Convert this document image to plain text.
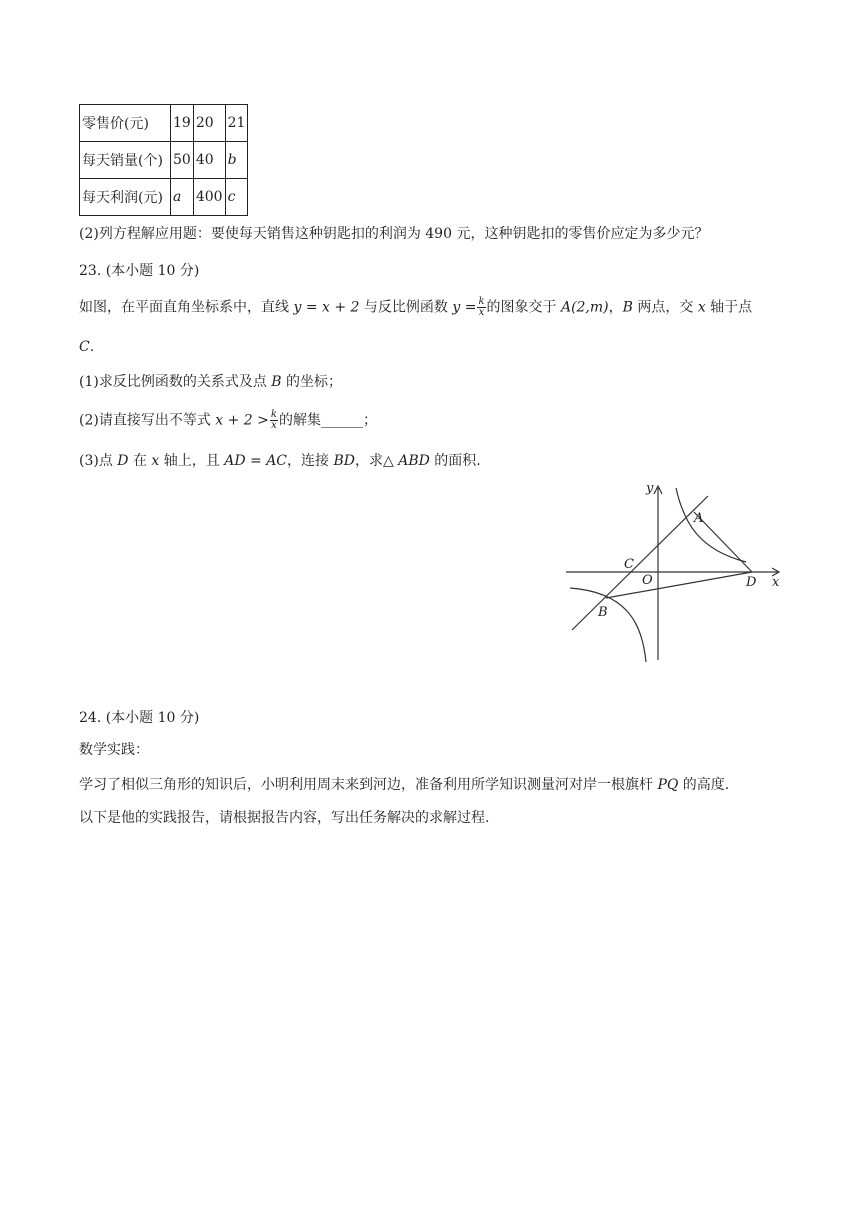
零售价(元)	19	20	21
每天销量(个)	50	40	b
每天利润(元)	a	400	c
(2)列方程解应用题：要使每天销售这种钥匙扣的利润为 490 元，这种钥匙扣的零售价应定为多少元？
23. (本小题 10 分)
如图，在平面直角坐标系中，直线 y = x + 2 与反比例函数 $y = \frac{k}{x}$ 的图象交于 A(2,m)，B 两点，交 x 轴于点
C.
(1)求反比例函数的关系式及点 B 的坐标；
(2)请直接写出不等式 $x + 2 > \frac{k}{x}$ 的解集______；
(3)点 D 在 x 轴上，且 AD = AC，连接 BD，求△ ABD 的面积.
y
x
A
B
C
O	D
24. (本小题 10 分)
数学实践：
学习了相似三角形的知识后，小明利用周末来到河边，准备利用所学知识测量河对岸一根旗杆 PQ 的高度.
以下是他的实践报告，请根据报告内容，写出任务解决的求解过程.
